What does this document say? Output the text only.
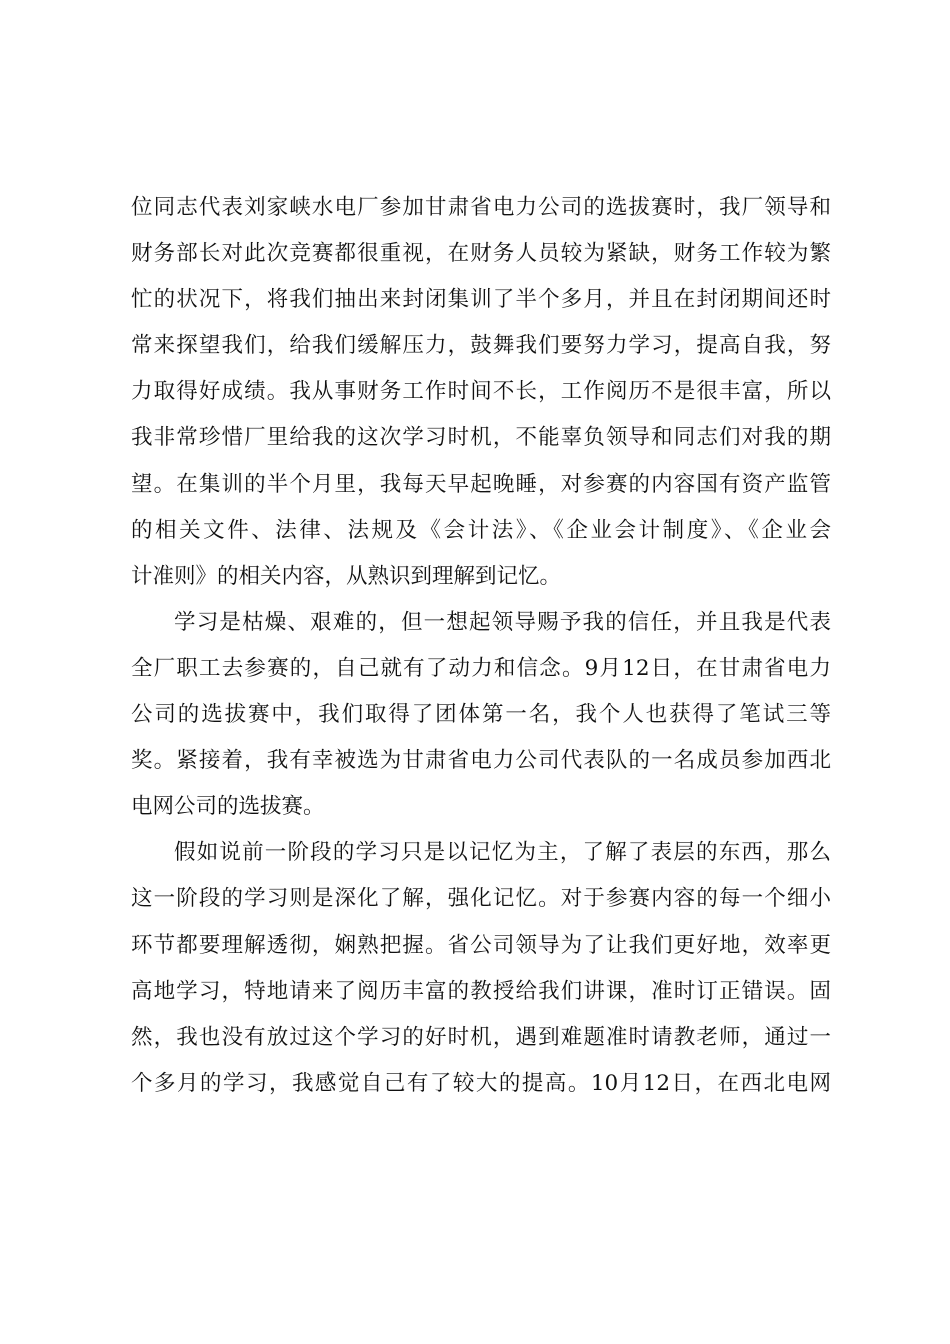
位同志代表刘家峡水电厂参加甘肃省电力公司的选拔赛时，我厂领导和
财务部长对此次竞赛都很重视，在财务人员较为紧缺，财务工作较为繁
忙的状况下，将我们抽出来封闭集训了半个多月，并且在封闭期间还时
常来探望我们，给我们缓解压力，鼓舞我们要努力学习，提高自我，努
力取得好成绩。我从事财务工作时间不长，工作阅历不是很丰富，所以
我非常珍惜厂里给我的这次学习时机，不能辜负领导和同志们对我的期
望。在集训的半个月里，我每天早起晚睡，对参赛的内容国有资产监管
的相关文件、法律、法规及《会计法》、《企业会计制度》、《企业会
计准则》的相关内容，从熟识到理解到记忆。
学习是枯燥、艰难的，但一想起领导赐予我的信任，并且我是代表
全厂职工去参赛的，自己就有了动力和信念。9月12日，在甘肃省电力
公司的选拔赛中，我们取得了团体第一名，我个人也获得了笔试三等
奖。紧接着，我有幸被选为甘肃省电力公司代表队的一名成员参加西北
电网公司的选拔赛。
假如说前一阶段的学习只是以记忆为主，了解了表层的东西，那么
这一阶段的学习则是深化了解，强化记忆。对于参赛内容的每一个细小
环节都要理解透彻，娴熟把握。省公司领导为了让我们更好地，效率更
高地学习，特地请来了阅历丰富的教授给我们讲课，准时订正错误。固
然，我也没有放过这个学习的好时机，遇到难题准时请教老师，通过一
个多月的学习，我感觉自己有了较大的提高。10月12日，在西北电网
